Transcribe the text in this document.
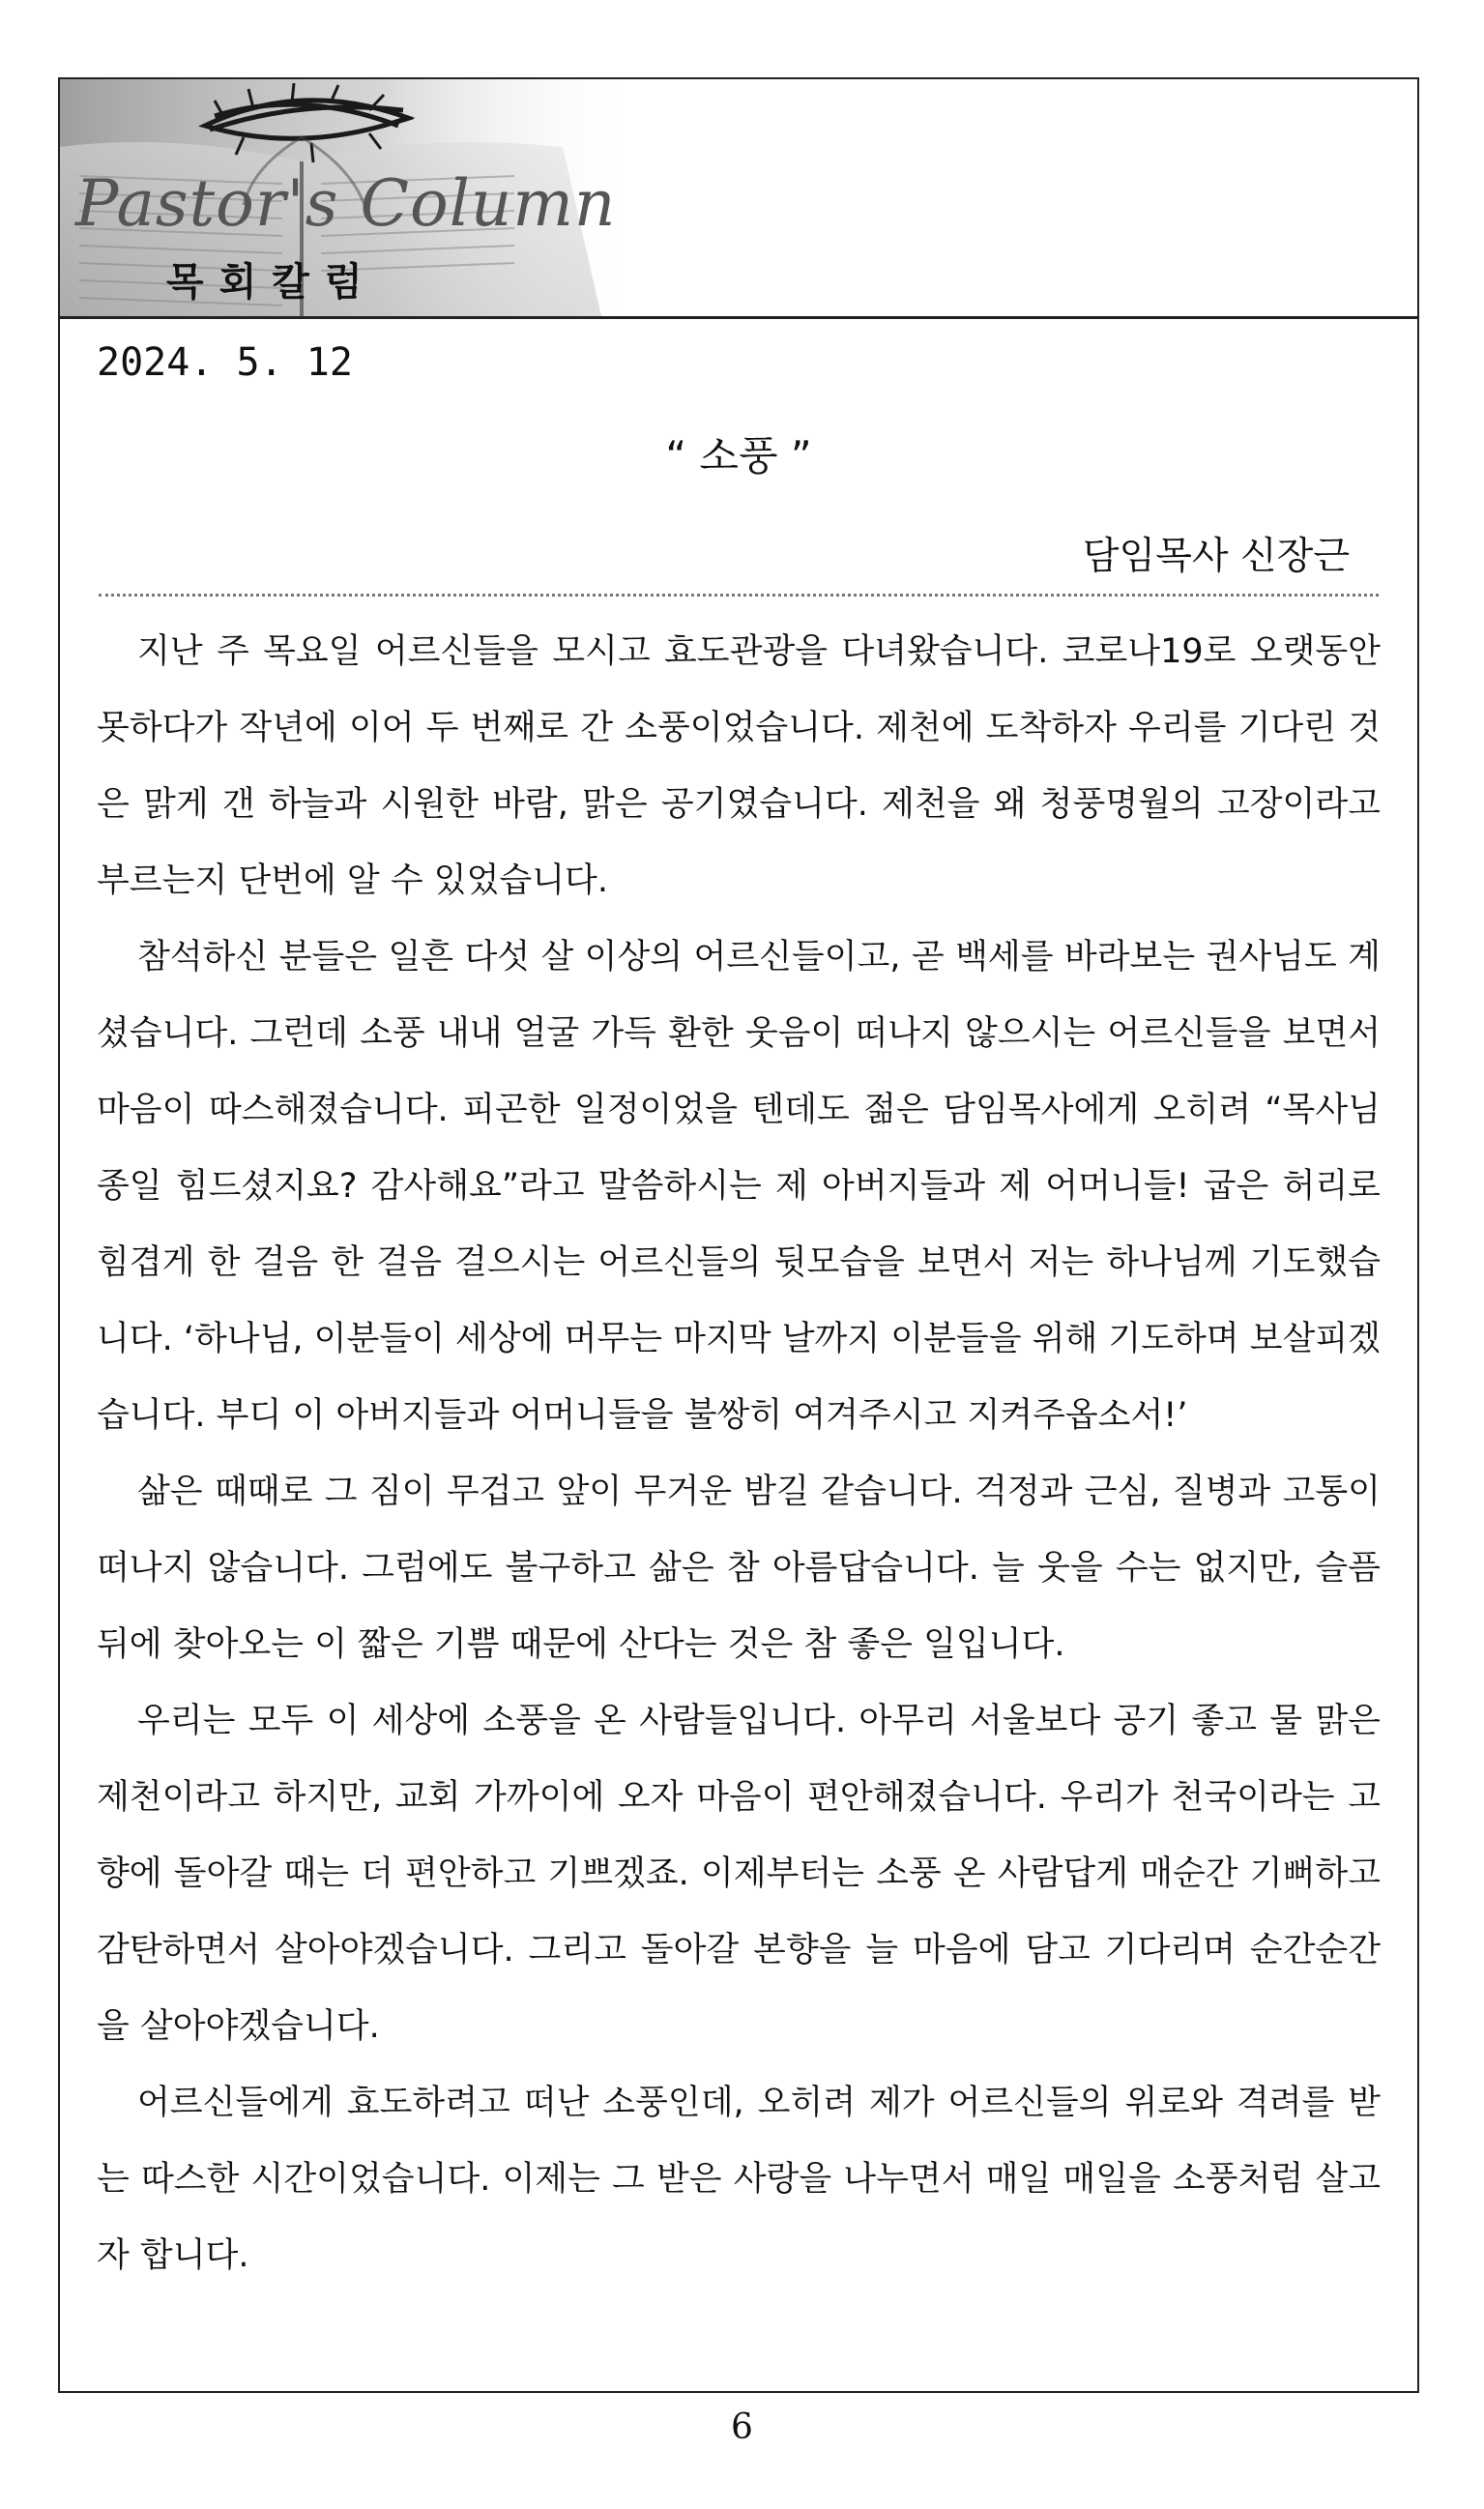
Pastor's Column
목회칼럼
2024. 5. 12
“ 소풍 ”
담임목사 신장근

지난 주 목요일 어르신들을 모시고 효도관광을 다녀왔습니다. 코로나19로 오랫동안 못하다가 작년에 이어 두 번째로 간 소풍이었습니다. 제천에 도착하자 우리를 기다린 것은 맑게 갠 하늘과 시원한 바람, 맑은 공기였습니다. 제천을 왜 청풍명월의 고장이라고 부르는지 단번에 알 수 있었습니다.

참석하신 분들은 일흔 다섯 살 이상의 어르신들이고, 곧 백세를 바라보는 권사님도 계셨습니다. 그런데 소풍 내내 얼굴 가득 환한 웃음이 떠나지 않으시는 어르신들을 보면서 마음이 따스해졌습니다. 피곤한 일정이었을 텐데도 젊은 담임목사에게 오히려 “목사님 종일 힘드셨지요? 감사해요”라고 말씀하시는 제 아버지들과 제 어머니들! 굽은 허리로 힘겹게 한 걸음 한 걸음 걸으시는 어르신들의 뒷모습을 보면서 저는 하나님께 기도했습니다. ‘하나님, 이분들이 세상에 머무는 마지막 날까지 이분들을 위해 기도하며 보살피겠습니다. 부디 이 아버지들과 어머니들을 불쌍히 여겨주시고 지켜주옵소서!’

삶은 때때로 그 짐이 무겁고 앞이 무거운 밤길 같습니다. 걱정과 근심, 질병과 고통이 떠나지 않습니다. 그럼에도 불구하고 삶은 참 아름답습니다. 늘 웃을 수는 없지만, 슬픔 뒤에 찾아오는 이 짧은 기쁨 때문에 산다는 것은 참 좋은 일입니다.

우리는 모두 이 세상에 소풍을 온 사람들입니다. 아무리 서울보다 공기 좋고 물 맑은 제천이라고 하지만, 교회 가까이에 오자 마음이 편안해졌습니다. 우리가 천국이라는 고향에 돌아갈 때는 더 편안하고 기쁘겠죠. 이제부터는 소풍 온 사람답게 매순간 기뻐하고 감탄하면서 살아야겠습니다. 그리고 돌아갈 본향을 늘 마음에 담고 기다리며 순간순간을 살아야겠습니다.

어르신들에게 효도하려고 떠난 소풍인데, 오히려 제가 어르신들의 위로와 격려를 받는 따스한 시간이었습니다. 이제는 그 받은 사랑을 나누면서 매일 매일을 소풍처럼 살고자 합니다.

6
